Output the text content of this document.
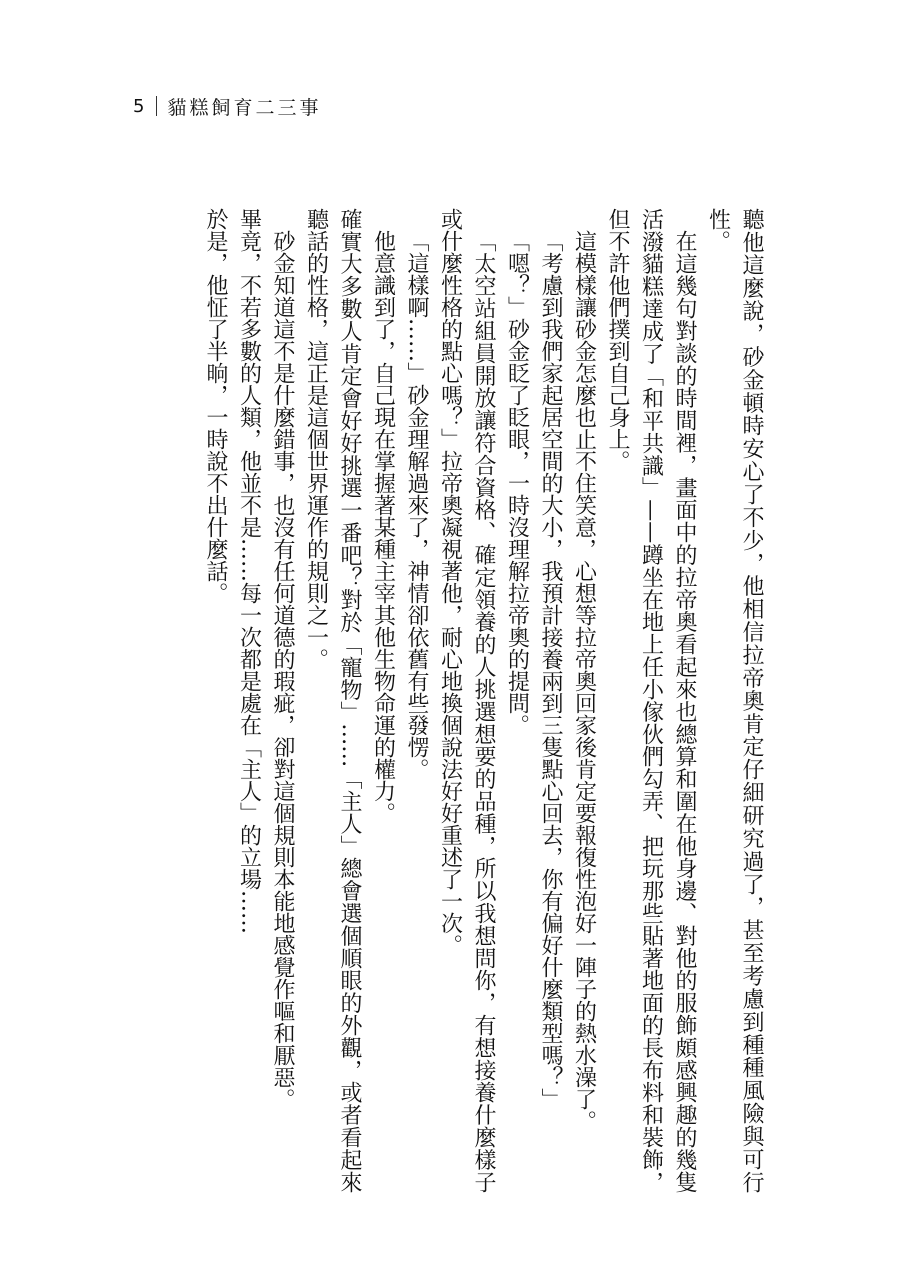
5 貓糕飼育二三事

聽他這麼說，砂金頓時安心了不少，他相信拉帝奧肯定仔細研究過了，甚至考慮到種種風險與可行性。

在這幾句對談的時間裡，畫面中的拉帝奧看起來也總算和圍在他身邊、對他的服飾頗感興趣的幾隻活潑貓糕達成了「和平共識」——蹲坐在地上任小傢伙們勾弄、把玩那些貼著地面的長布料和裝飾，但不許他們撲到自己身上。

這模樣讓砂金怎麼也止不住笑意，心想等拉帝奧回家後肯定要報復性泡好一陣子的熱水澡了。

「考慮到我們家起居空間的大小，我預計接養兩到三隻點心回去，你有偏好什麼類型嗎？」

「嗯？」砂金眨了眨眼，一時沒理解拉帝奧的提問。

「太空站組員開放讓符合資格、確定領養的人挑選想要的品種，所以我想問你，有想接養什麼樣子或什麼性格的點心嗎？」拉帝奧凝視著他，耐心地換個說法好好重述了一次。

「這樣啊……」砂金理解過來了，神情卻依舊有些發愣。

他意識到了，自己現在掌握著某種主宰其他生物命運的權力。

確實大多數人肯定會好好挑選一番吧？對於「寵物」……「主人」總會選個順眼的外觀，或者看起來聽話的性格，這正是這個世界運作的規則之一。

砂金知道這不是什麼錯事，也沒有任何道德的瑕疵，卻對這個規則本能地感覺作嘔和厭惡。

畢竟，不若多數的人類，他並不是……每一次都是處在「主人」的立場……

於是，他怔了半晌，一時說不出什麼話。
